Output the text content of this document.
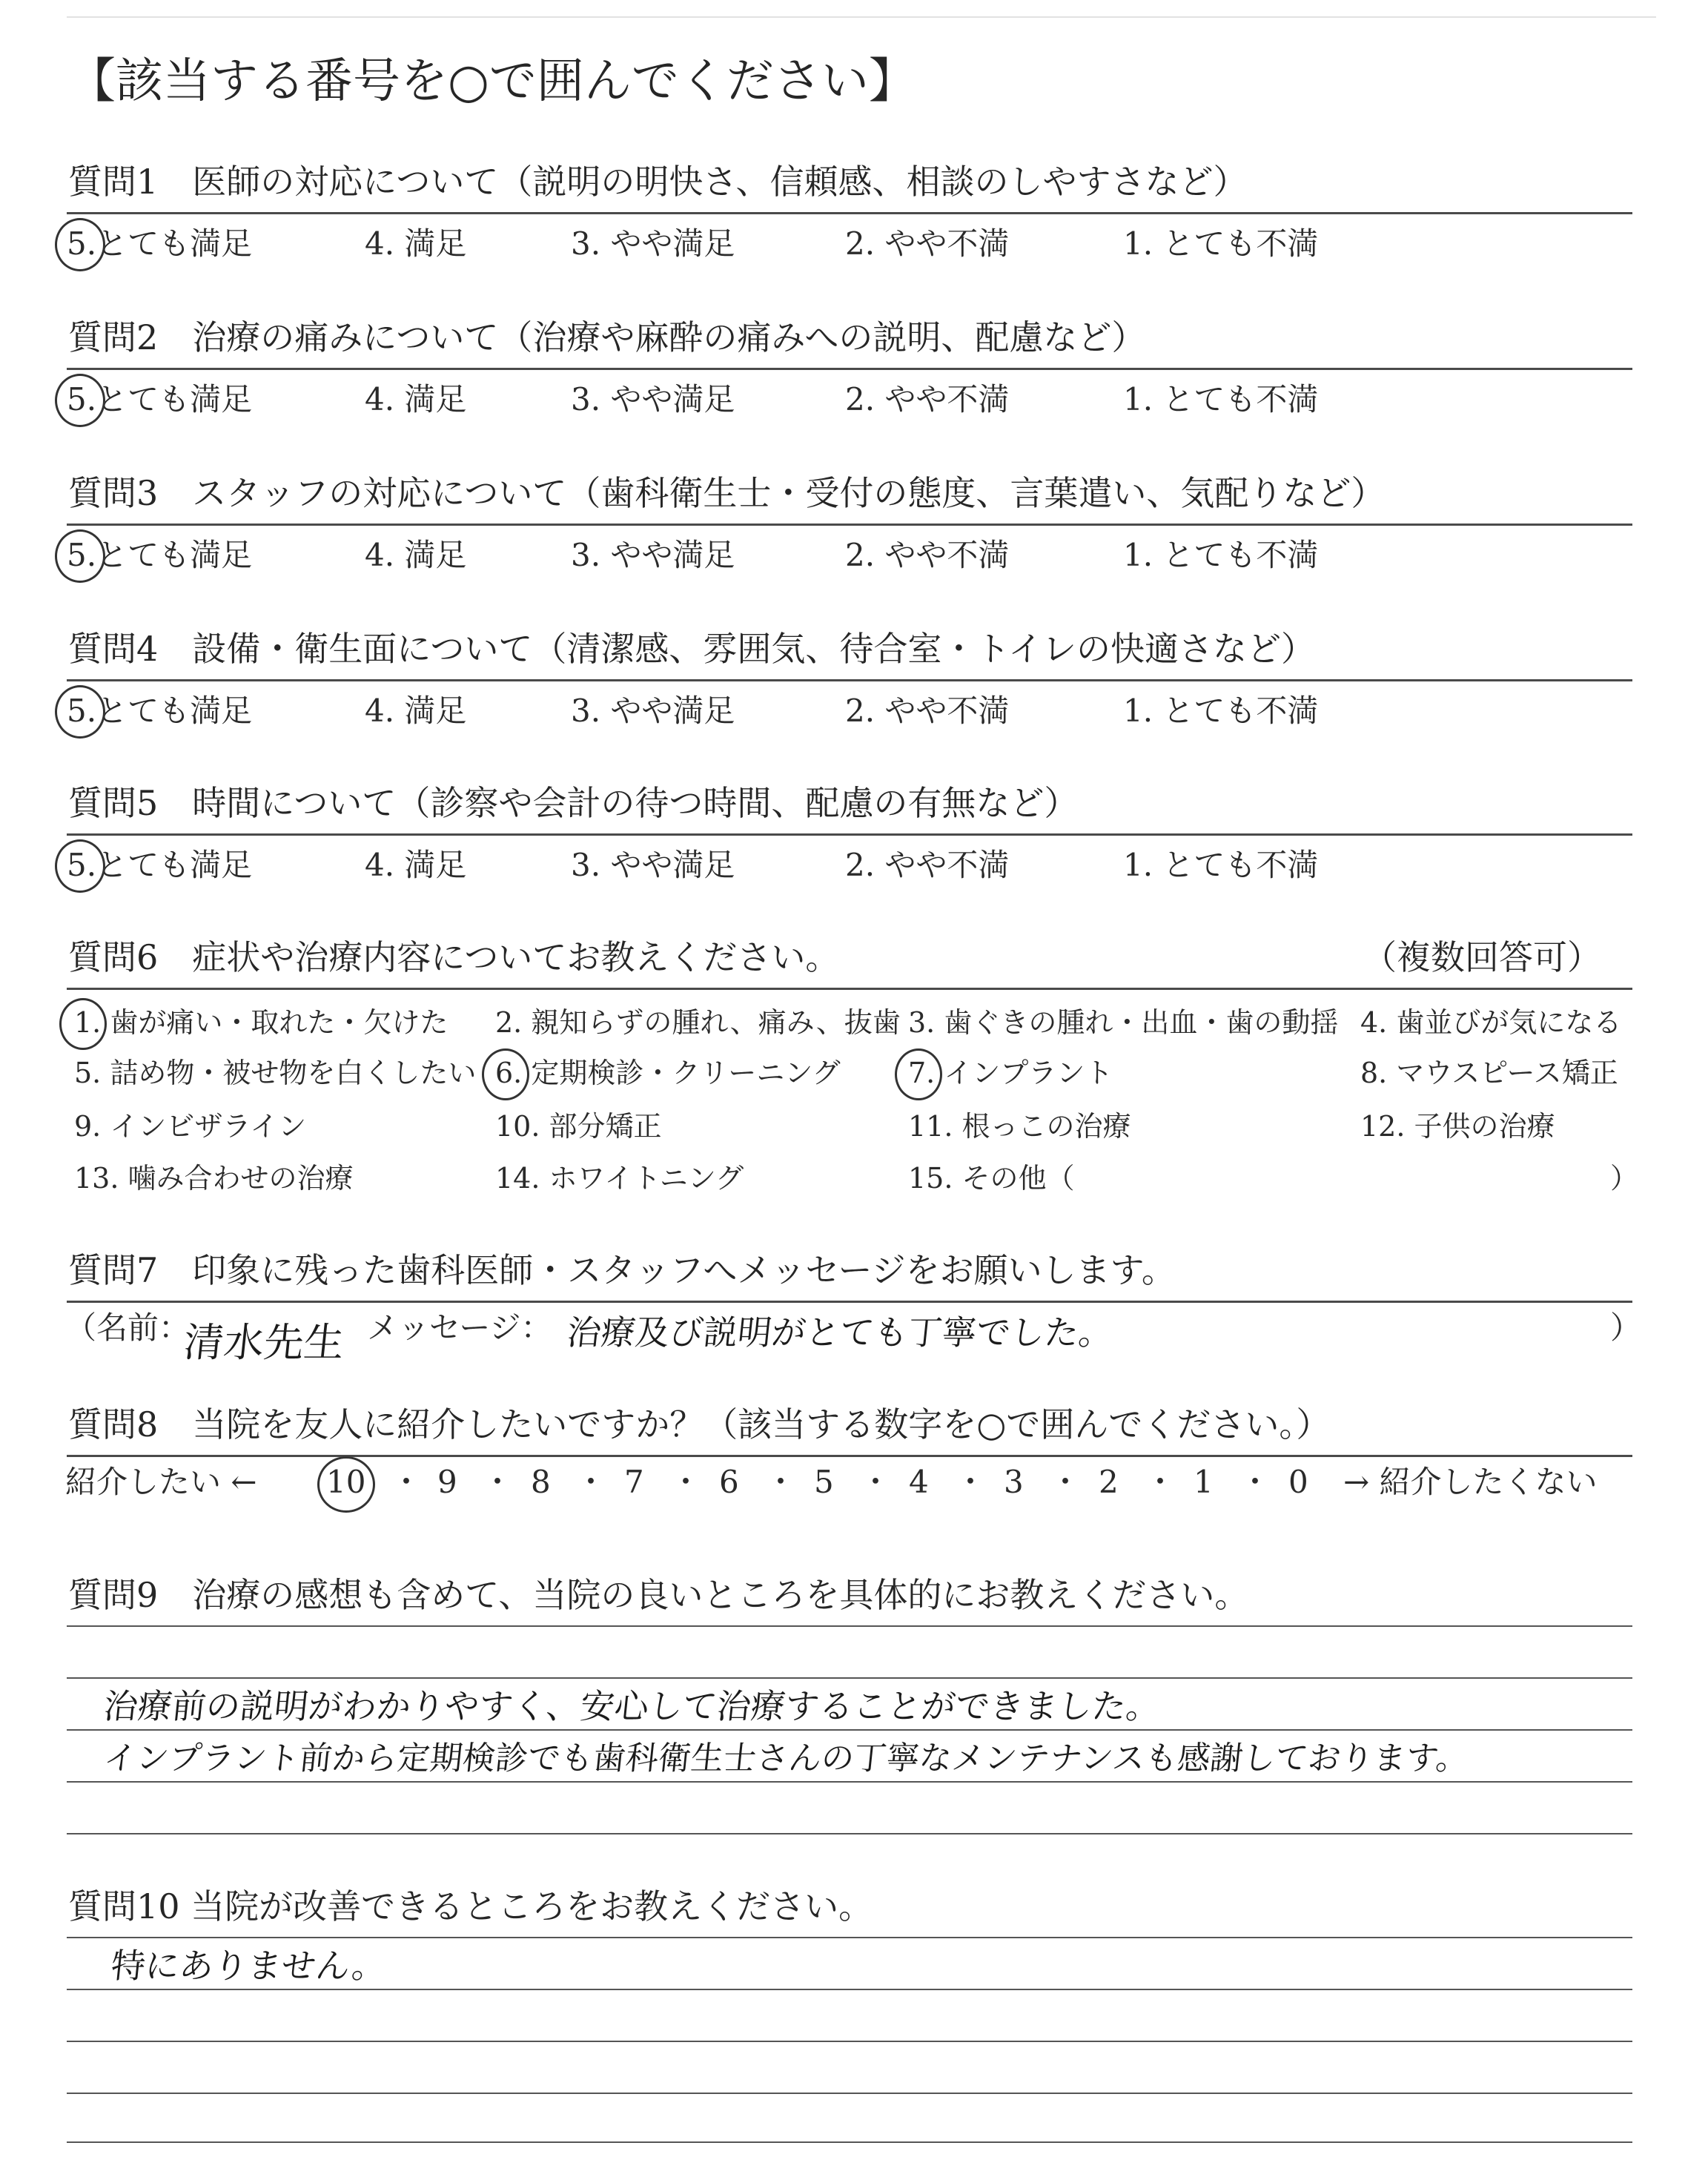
【該当する番号を○で囲んでください】
質問1　医師の対応について（説明の明快さ、信頼感、相談のしやすさなど）
5.とても満足	4. 満足	3. やや満足	2. やや不満	1. とても不満
質問2　治療の痛みについて（治療や麻酔の痛みへの説明、配慮など）
5.とても満足	4. 満足	3. やや満足	2. やや不満	1. とても不満
質問3　スタッフの対応について（歯科衛生士・受付の態度、言葉遣い、気配りなど）
5.とても満足	4. 満足	3. やや満足	2. やや不満	1. とても不満
質問4　設備・衛生面について（清潔感、雰囲気、待合室・トイレの快適さなど）
5.とても満足	4. 満足	3. やや満足	2. やや不満	1. とても不満
質問5　時間について（診察や会計の待つ時間、配慮の有無など）
5.とても満足	4. 満足	3. やや満足	2. やや不満	1. とても不満
質問6　症状や治療内容についてお教えください。	（複数回答可）
1. 歯が痛い・取れた・欠けた 2. 親知らずの腫れ、痛み、抜歯 3. 歯ぐきの腫れ・出血・歯の動揺 4. 歯並びが気になる
5. 詰め物・被せ物を白くしたい 6. 定期検診・クリーニング 7. インプラント	8. マウスピース矯正
9. インビザライン	10. 部分矯正	11. 根っこの治療	12. 子供の治療
13. 噛み合わせの治療	14. ホワイトニング	15. その他（	）
質問7　印象に残った歯科医師・スタッフへメッセージをお願いします。
（名前：
清水先生 メッセージ： 治療及び説明がとても丁寧でした。	）
質問8　当院を友人に紹介したいですか？（該当する数字を○で囲んでください。）
紹介したい ← 10 ・ 9 ・ 8 ・ 7 ・ 6 ・ 5 ・ 4 ・ 3 ・ 2 ・ 1 ・ 0 → 紹介したくない
質問9　治療の感想も含めて、当院の良いところを具体的にお教えください。
治療前の説明がわかりやすく、安心して治療することができました。
インプラント前から定期検診でも歯科衛生士さんの丁寧なメンテナンスも感謝しております。
質問10 当院が改善できるところをお教えください。
特にありません。
